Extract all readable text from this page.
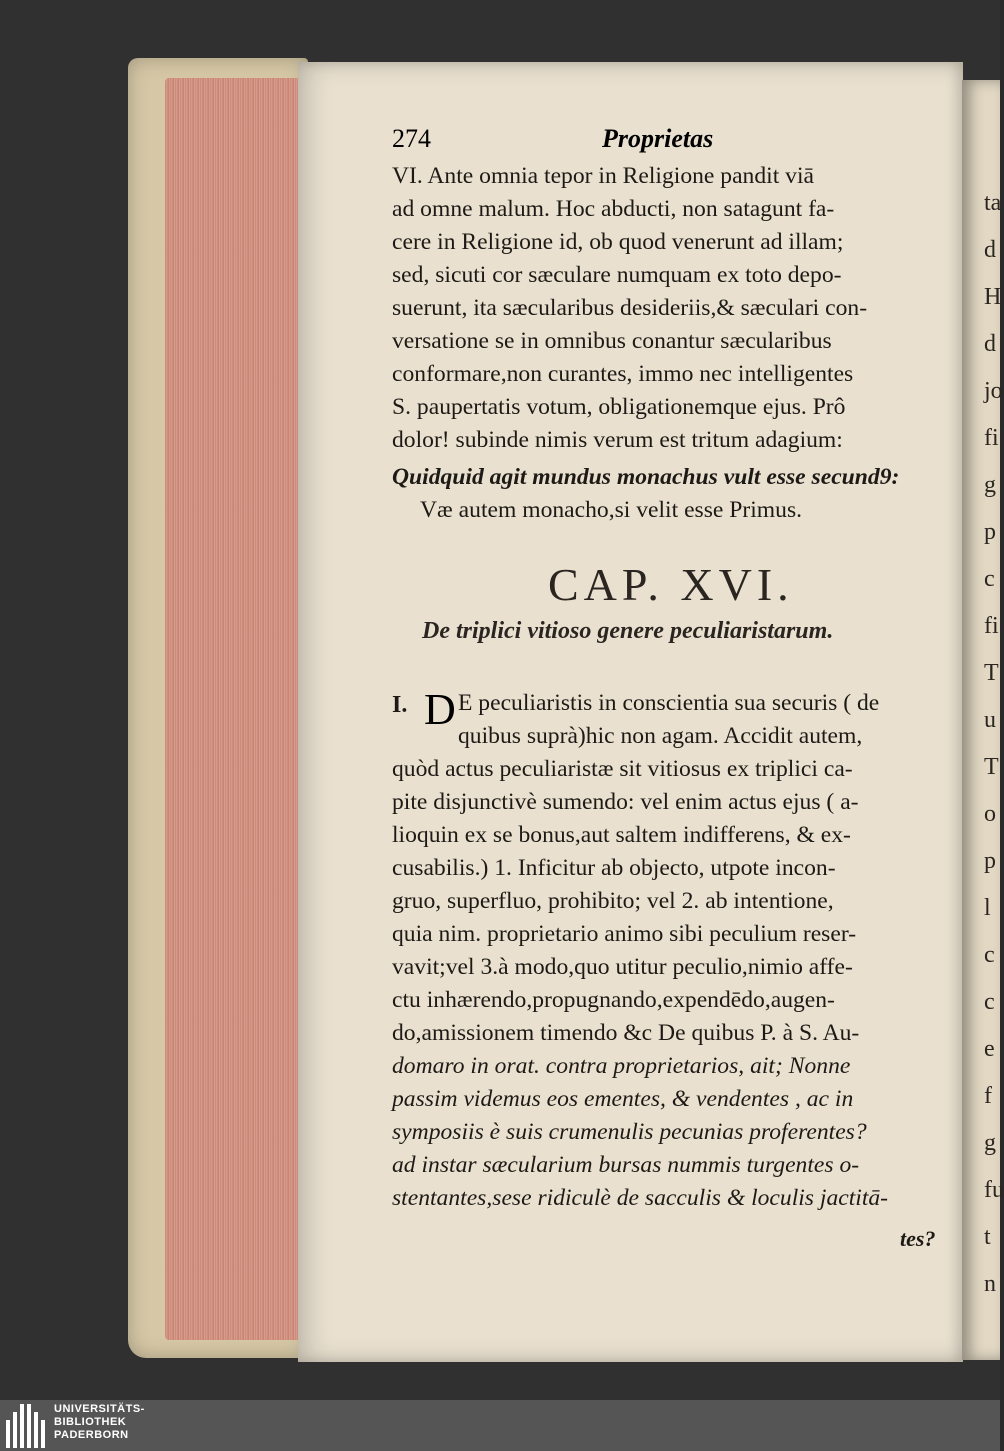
ta
d
H
d
jo
fi
g
p
c
fi
T
u
T
o
p
l
c
c
e
f
g
fu
t
n
274	Proprietas
VI. Ante omnia tepor in Religione pandit viā
ad omne malum. Hoc abducti, non satagunt fa-
cere in Religione id, ob quod venerunt ad illam;
sed, sicuti cor sæculare numquam ex toto depo-
suerunt, ita sæcularibus desideriis,& sæculari con-
versatione se in omnibus conantur sæcularibus
conformare,non curantes, immo nec intelligentes
S. paupertatis votum, obligationemque ejus. Prô
dolor! subinde nimis verum est tritum adagium:
Quidquid agit mundus monachus vult esse secund9:
Væ autem monacho,si velit esse Primus.
CAP. XVI.
De triplici vitioso genere peculiaristarum.
I. D E peculiaristis in conscientia sua securis ( de
quibus suprà)hic non agam. Accidit autem,
quòd actus peculiaristæ sit vitiosus ex triplici ca-
pite disjunctivè sumendo: vel enim actus ejus ( a-
lioquin ex se bonus,aut saltem indifferens, & ex-
cusabilis.) 1. Inficitur ab objecto, utpote incon-
gruo, superfluo, prohibito; vel 2. ab intentione,
quia nim. proprietario animo sibi peculium reser-
vavit;vel 3.à modo,quo utitur peculio,nimio affe-
ctu inhærendo,propugnando,expendēdo,augen-
do,amissionem timendo &c De quibus P. à S. Au-
domaro in orat. contra proprietarios, ait; Nonne
passim videmus eos ementes, & vendentes , ac in
symposiis è suis crumenulis pecunias proferentes?
ad instar sæcularium bursas nummis turgentes o-
stentantes,sese ridiculè de sacculis & loculis jactitā-
tes?
UNIVERSITÄTS-
BIBLIOTHEK
PADERBORN
